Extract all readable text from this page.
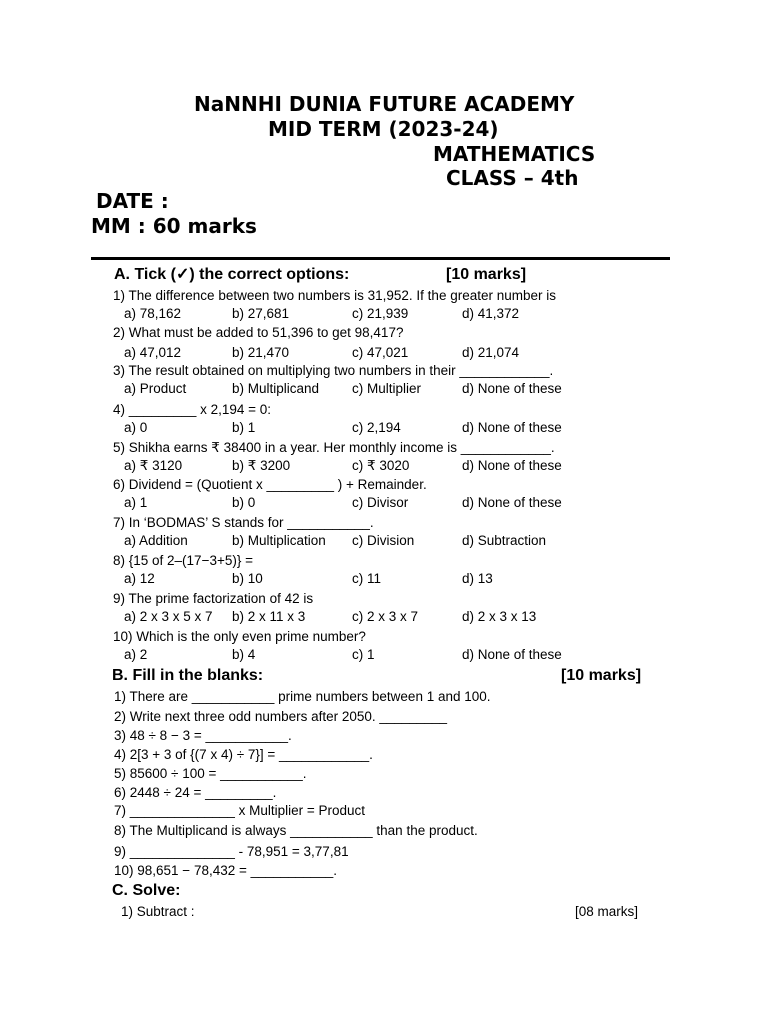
NaNNHI DUNIA FUTURE ACADEMY
MID TERM (2023-24)
MATHEMATICS
CLASS – 4th
DATE :
MM : 60 marks
A. Tick (✓) the correct options:	[10 marks]
1) The difference between two numbers is 31,952. If the greater number is
a) 78,162	b) 27,681	c) 21,939	d) 41,372
2) What must be added to 51,396 to get 98,417?
a) 47,012	b) 21,470	c) 47,021	d) 21,074
3) The result obtained on multiplying two numbers in their ____________.
a) Product	b) Multiplicand c) Multiplier	d) None of these
4) _________ x 2,194 = 0:
a) 0	b) 1	c) 2,194	d) None of these
5) Shikha earns ₹ 38400 in a year. Her monthly income is ____________.
a) ₹ 3120	b) ₹ 3200	c) ₹ 3020	d) None of these
6) Dividend = (Quotient x _________ ) + Remainder.
a) 1	b) 0	c) Divisor	d) None of these
7) In ‘BODMAS’ S stands for ___________.
a) Addition	b) Multiplication c) Division	d) Subtraction
8) {15 of 2–(17−3+5)} =
a) 12	b) 10	c) 11	d) 13
9) The prime factorization of 42 is
a) 2 x 3 x 5 x 7 b) 2 x 11 x 3	c) 2 x 3 x 7	d) 2 x 3 x 13
10) Which is the only even prime number?
a) 2	b) 4	c) 1	d) None of these
B. Fill in the blanks:	[10 marks]
1) There are ___________ prime numbers between 1 and 100.
2) Write next three odd numbers after 2050. _________
3) 48 ÷ 8 − 3 = ___________.
4) 2[3 + 3 of {(7 x 4) ÷ 7}] = ____________.
5) 85600 ÷ 100 = ___________.
6) 2448 ÷ 24 = _________.
7) ______________ x Multiplier = Product
8) The Multiplicand is always ___________ than the product.
9) ______________ - 78,951 = 3,77,81
10) 98,651 − 78,432 = ___________.
C. Solve:
1) Subtract :	[08 marks]
